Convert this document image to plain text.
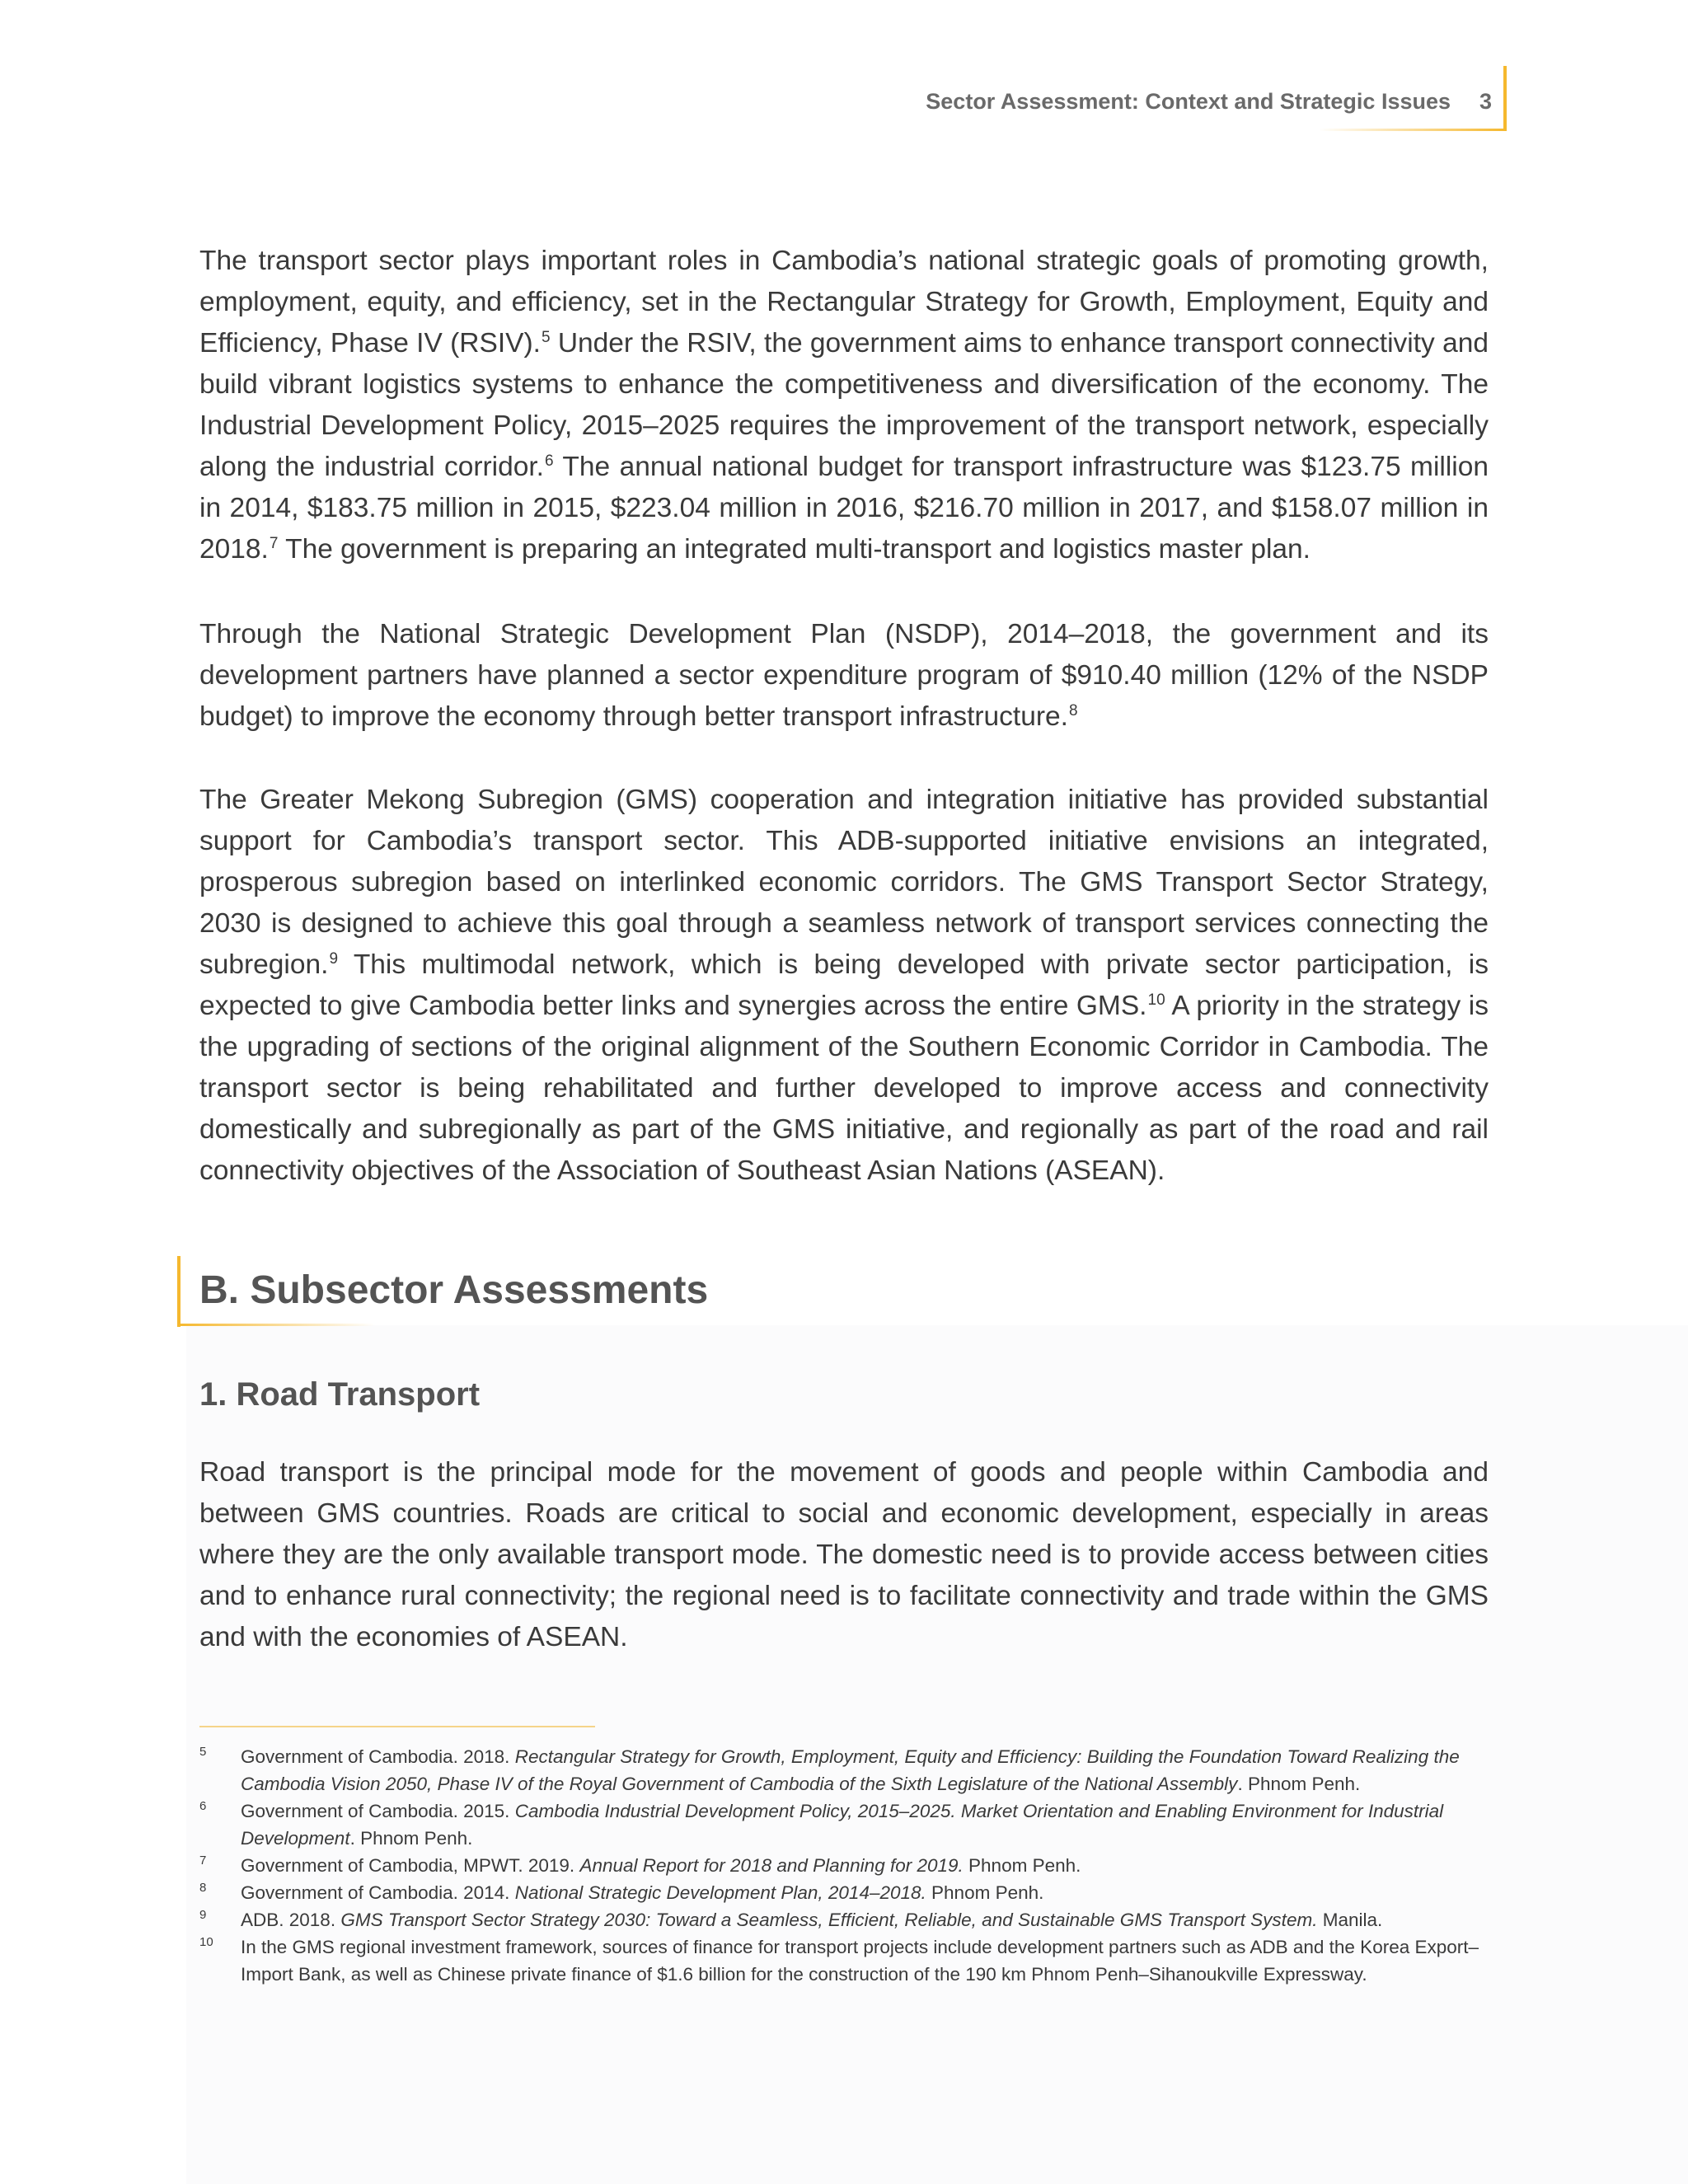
Sector Assessment: Context and Strategic Issues 3

The transport sector plays important roles in Cambodia’s national strategic goals of promoting growth, employment, equity, and efficiency, set in the Rectangular Strategy for Growth, Employment, Equity and Efficiency, Phase IV (RSIV).$^5$ Under the RSIV, the government aims to enhance transport connectivity and build vibrant logistics systems to enhance the competitiveness and diversification of the economy. The Industrial Development Policy, 2015–2025 requires the improvement of the transport network, especially along the industrial corridor.$^6$ The annual national budget for transport infrastructure was $123.75 million in 2014, $183.75 million in 2015, $223.04 million in 2016, $216.70 million in 2017, and $158.07 million in 2018.$^7$ The government is preparing an integrated multi-transport and logistics master plan.

Through the National Strategic Development Plan (NSDP), 2014–2018, the government and its development partners have planned a sector expenditure program of $910.40 million (12% of the NSDP budget) to improve the economy through better transport infrastructure.$^8$

The Greater Mekong Subregion (GMS) cooperation and integration initiative has provided substantial support for Cambodia’s transport sector. This ADB-supported initiative envisions an integrated, prosperous subregion based on interlinked economic corridors. The GMS Transport Sector Strategy, 2030 is designed to achieve this goal through a seamless network of transport services connecting the subregion.$^9$ This multimodal network, which is being developed with private sector participation, is expected to give Cambodia better links and synergies across the entire GMS.$^{10}$ A priority in the strategy is the upgrading of sections of the original alignment of the Southern Economic Corridor in Cambodia. The transport sector is being rehabilitated and further developed to improve access and connectivity domestically and subregionally as part of the GMS initiative, and regionally as part of the road and rail connectivity objectives of the Association of Southeast Asian Nations (ASEAN).

B. Subsector Assessments
1. Road Transport

Road transport is the principal mode for the movement of goods and people within Cambodia and between GMS countries. Roads are critical to social and economic development, especially in areas where they are the only available transport mode. The domestic need is to provide access between cities and to enhance rural connectivity; the regional need is to facilitate connectivity and trade within the GMS and with the economies of ASEAN.

5 Government of Cambodia. 2018. Rectangular Strategy for Growth, Employment, Equity and Efficiency: Building the Foundation Toward Realizing the Cambodia Vision 2050, Phase IV of the Royal Government of Cambodia of the Sixth Legislature of the National Assembly. Phnom Penh.
6 Government of Cambodia. 2015. Cambodia Industrial Development Policy, 2015–2025. Market Orientation and Enabling Environment for Industrial Development. Phnom Penh.
7 Government of Cambodia, MPWT. 2019. Annual Report for 2018 and Planning for 2019. Phnom Penh.
8 Government of Cambodia. 2014. National Strategic Development Plan, 2014–2018. Phnom Penh.
9 ADB. 2018. GMS Transport Sector Strategy 2030: Toward a Seamless, Efficient, Reliable, and Sustainable GMS Transport System. Manila.
10 In the GMS regional investment framework, sources of finance for transport projects include development partners such as ADB and the Korea Export–Import Bank, as well as Chinese private finance of $1.6 billion for the construction of the 190 km Phnom Penh–Sihanoukville Expressway.
